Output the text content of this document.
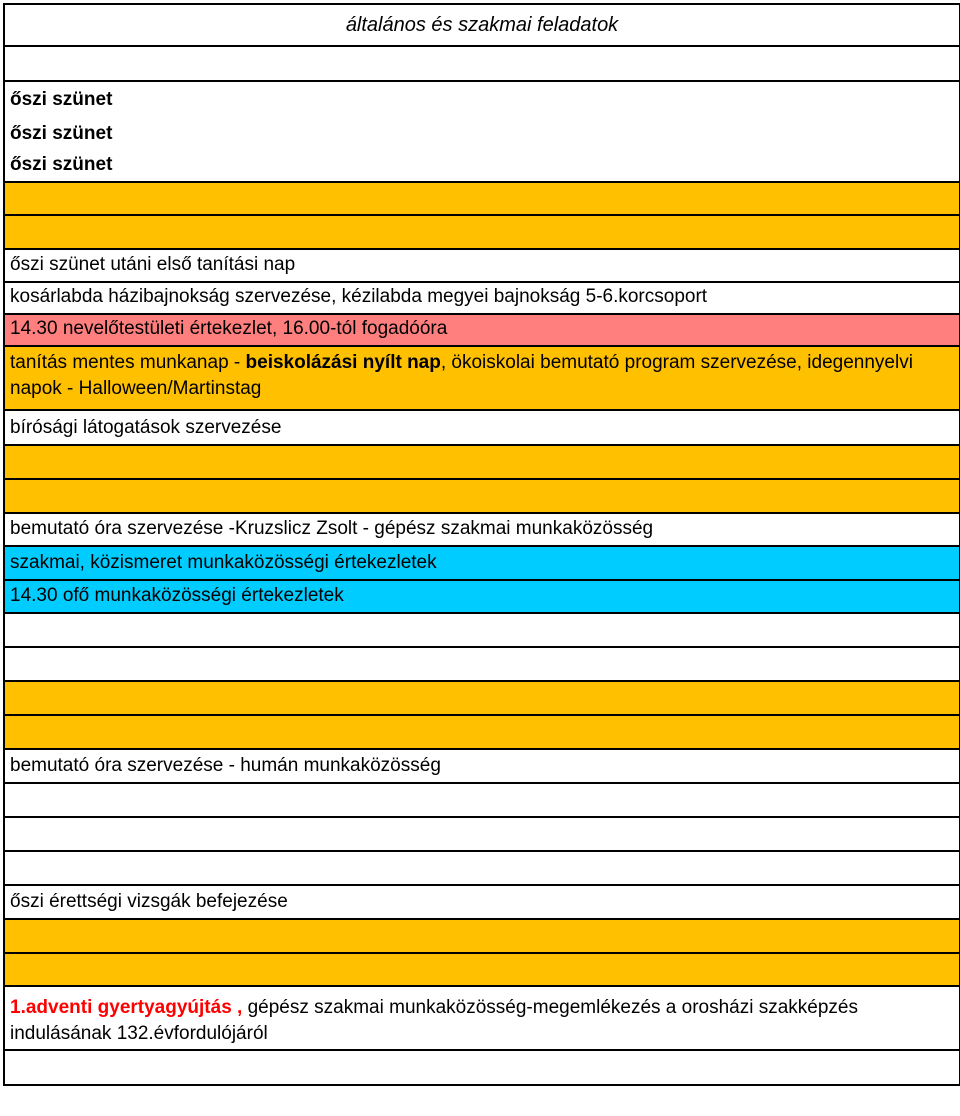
általános és szakmai feladatok
őszi szünet
őszi szünet
őszi szünet
őszi szünet utáni első tanítási nap
kosárlabda házibajnokság szervezése, kézilabda megyei bajnokság 5-6.korcsoport
14.30 nevelőtestületi értekezlet, 16.00-tól fogadóóra
tanítás mentes munkanap - beiskolázási nyílt nap, ökoiskolai bemutató program szervezése, idegennyelvi napok - Halloween/Martinstag
bírósági látogatások szervezése
bemutató óra szervezése -Kruzslicz Zsolt - gépész szakmai munkaközösség
szakmai, közismeret munkaközösségi értekezletek
14.30 ofő munkaközösségi értekezletek
bemutató óra szervezése - humán munkaközösség
őszi érettségi vizsgák befejezése
1.adventi gyertyagyújtás , gépész szakmai munkaközösség-megemlékezés a orosházi szakképzés indulásának 132.évfordulójáról
